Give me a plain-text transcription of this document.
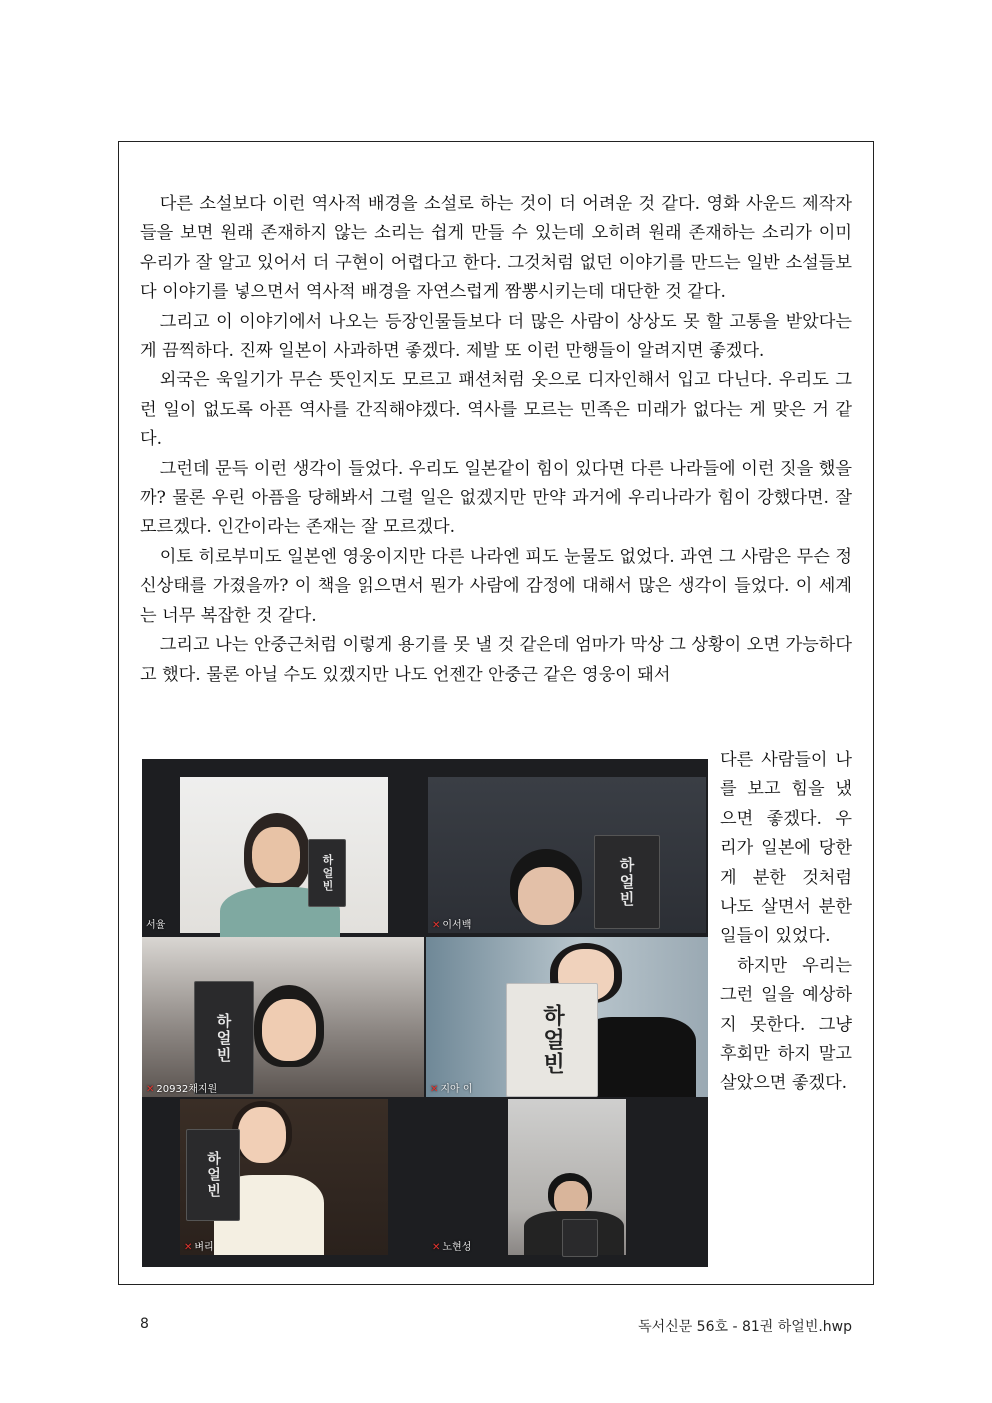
다른 소설보다 이런 역사적 배경을 소설로 하는 것이 더 어려운 것 같다. 영화 사운드 제작자들을 보면 원래 존재하지 않는 소리는 쉽게 만들 수 있는데 오히려 원래 존재하는 소리가 이미 우리가 잘 알고 있어서 더 구현이 어렵다고 한다. 그것처럼 없던 이야기를 만드는 일반 소설들보다 이야기를 넣으면서 역사적 배경을 자연스럽게 짬뽕시키는데 대단한 것 같다.

그리고 이 이야기에서 나오는 등장인물들보다 더 많은 사람이 상상도 못 할 고통을 받았다는 게 끔찍하다. 진짜 일본이 사과하면 좋겠다. 제발 또 이런 만행들이 알려지면 좋겠다.

외국은 욱일기가 무슨 뜻인지도 모르고 패션처럼 옷으로 디자인해서 입고 다닌다. 우리도 그런 일이 없도록 아픈 역사를 간직해야겠다. 역사를 모르는 민족은 미래가 없다는 게 맞은 거 같다.

그런데 문득 이런 생각이 들었다. 우리도 일본같이 힘이 있다면 다른 나라들에 이런 짓을 했을까? 물론 우린 아픔을 당해봐서 그럴 일은 없겠지만 만약 과거에 우리나라가 힘이 강했다면. 잘 모르겠다. 인간이라는 존재는 잘 모르겠다.

이토 히로부미도 일본엔 영웅이지만 다른 나라엔 피도 눈물도 없었다. 과연 그 사람은 무슨 정신상태를 가졌을까? 이 책을 읽으면서 뭔가 사람에 감정에 대해서 많은 생각이 들었다. 이 세계는 너무 복잡한 것 같다.

그리고 나는 안중근처럼 이렇게 용기를 못 낼 것 같은데 엄마가 막상 그 상황이 오면 가능하다고 했다. 물론 아닐 수도 있겠지만 나도 언젠간 안중근 같은 영웅이 돼서

다른 사람들이 나를 보고 힘을 냈으면 좋겠다. 우리가 일본에 당한 게 분한 것처럼 나도 살면서 분한 일들이 있었다.

하지만 우리는 그런 일을 예상하지 못한다. 그냥 후회만 하지 말고 살았으면 좋겠다.

하얼빈
서율
하얼빈
✕ 이서백
하얼빈
✕ 20932채지원
하얼빈
✕ 지아 이
하얼빈
✕ 벼리	✕ 노현성
8	독서신문 56호 - 81권 하얼빈.hwp
